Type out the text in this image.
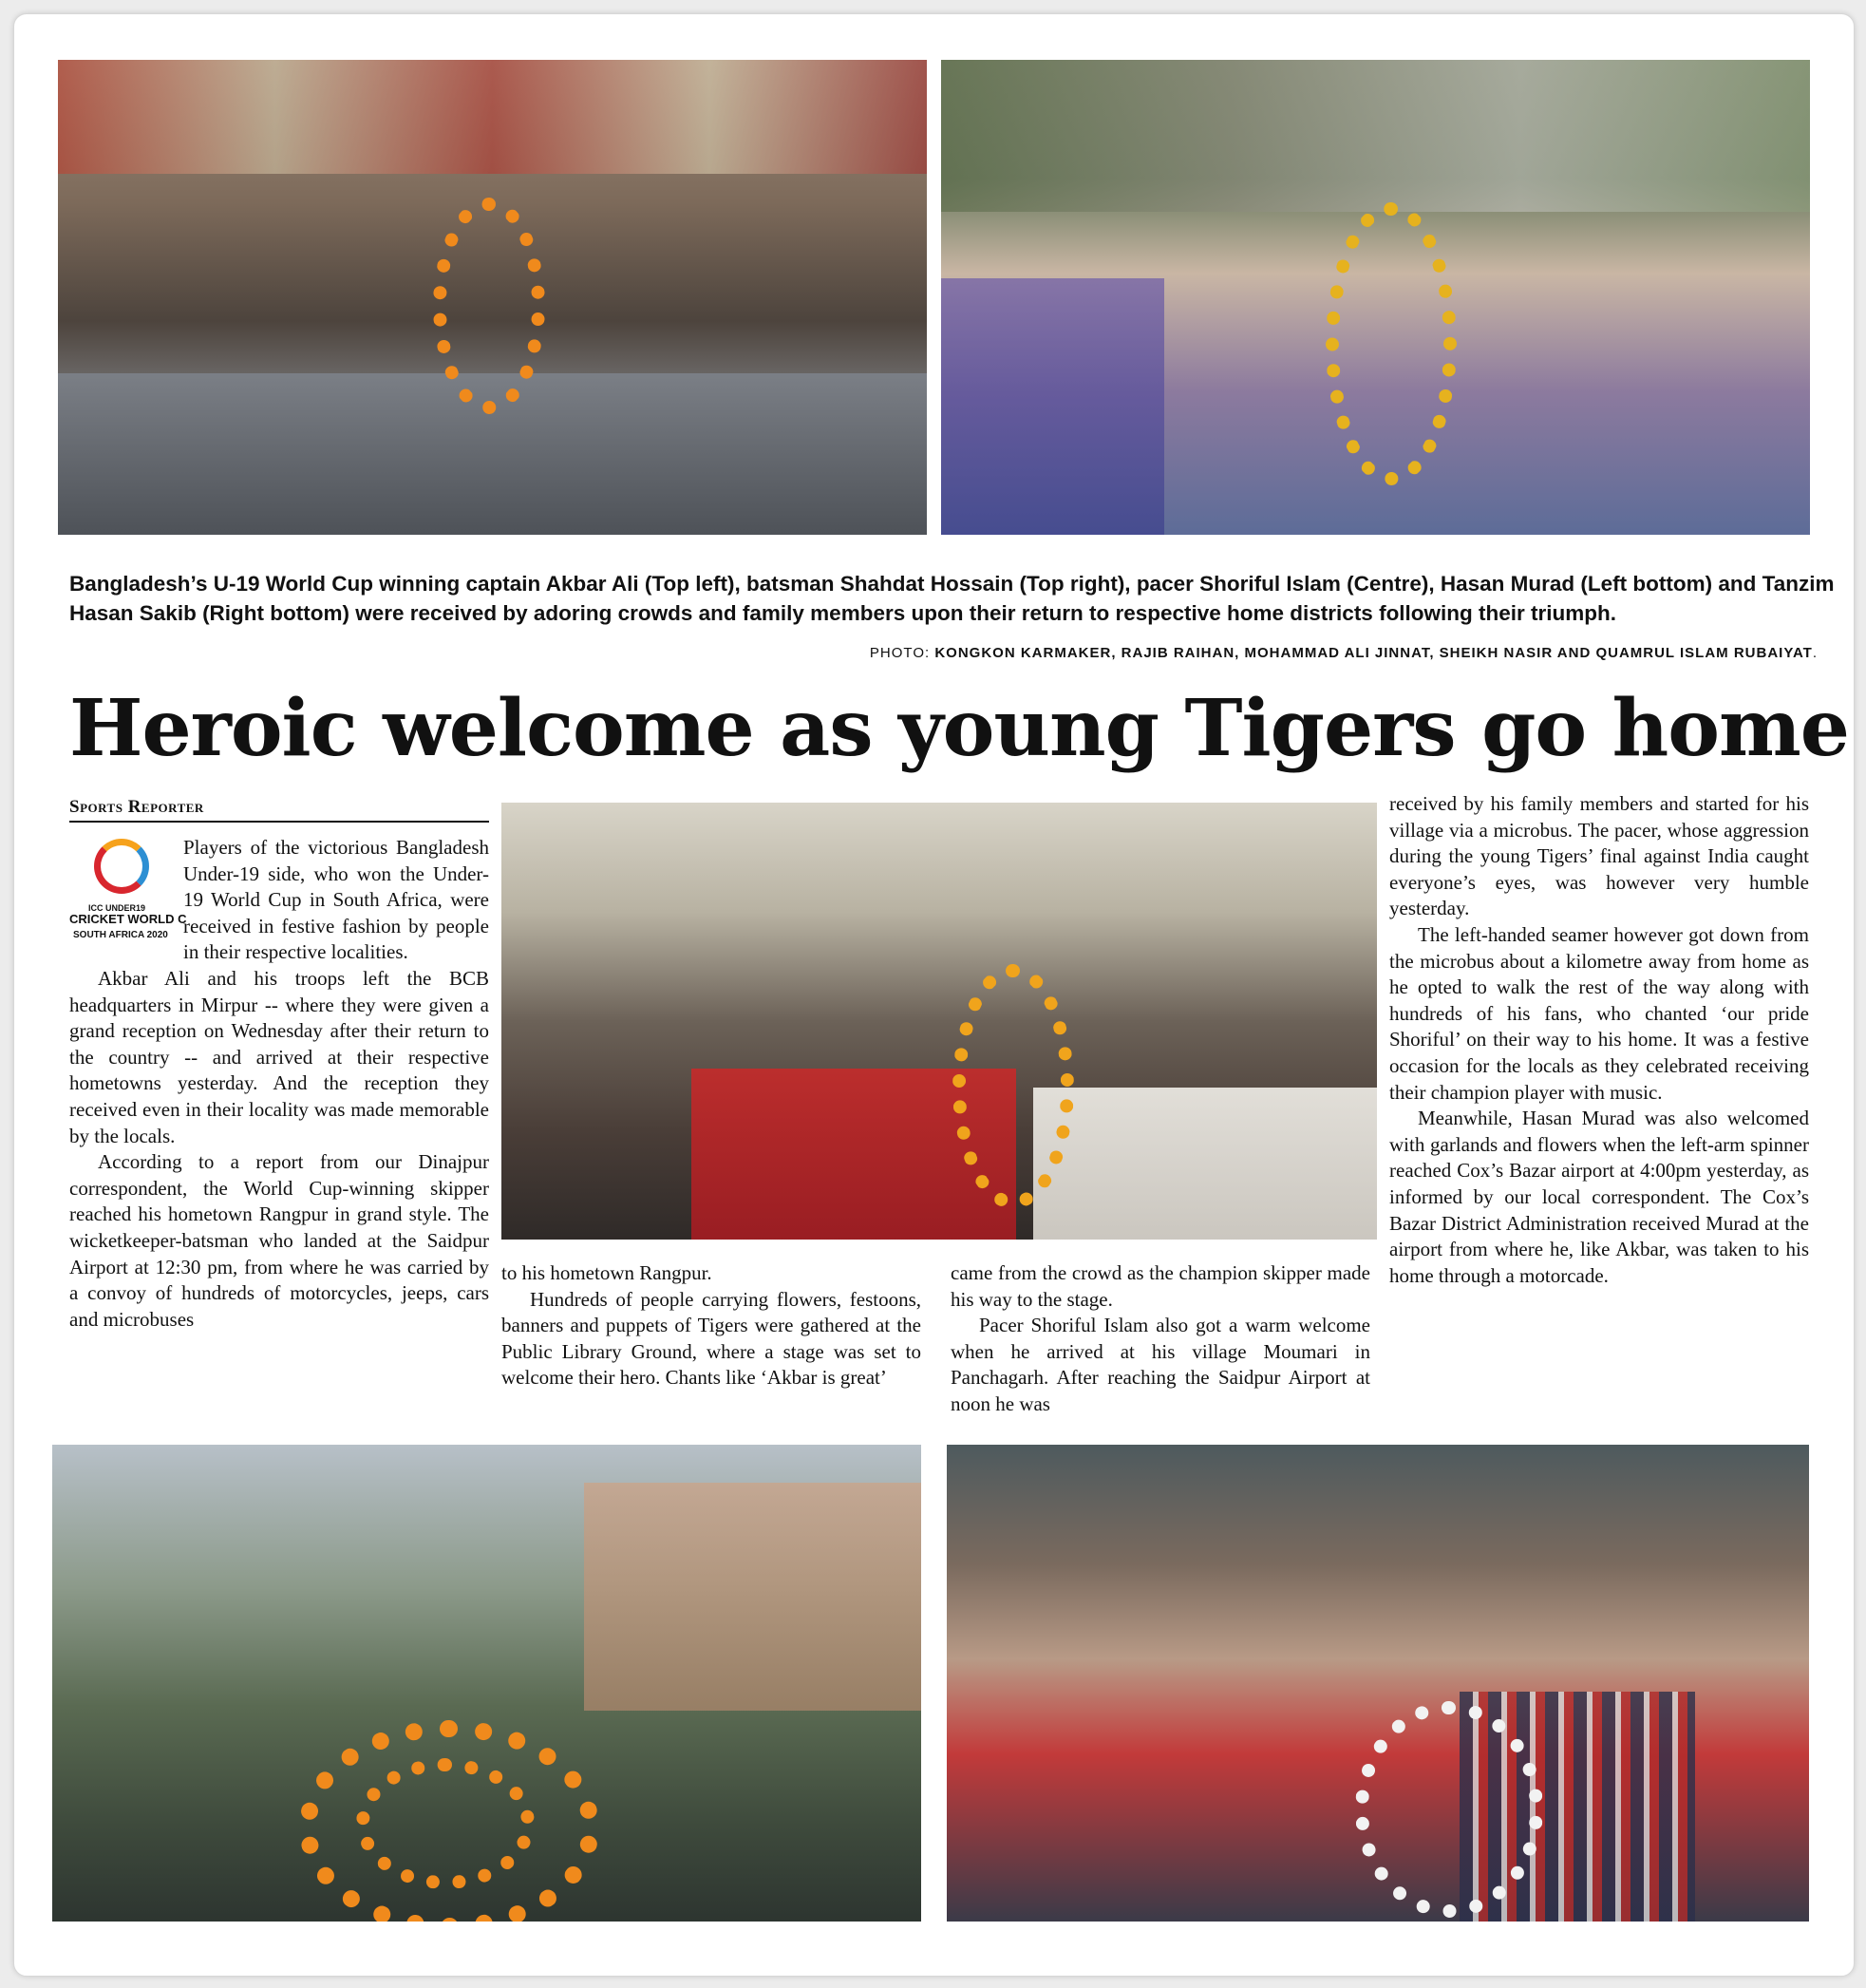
Bangladesh’s U-19 World Cup winning captain Akbar Ali (Top left), batsman Shahdat Hossain (Top right), pacer Shoriful Islam (Centre), Hasan Murad (Left bottom) and Tanzim Hasan Sakib (Right bottom) were received by adoring crowds and family members upon their return to respective home districts following their triumph.
PHOTO: KONGKON KARMAKER, RAJIB RAIHAN, MOHAMMAD ALI JINNAT, SHEIKH NASIR AND QUAMRUL ISLAM RUBAIYAT.
Heroic welcome as young Tigers go home
Sports Reporter
ICC UNDER19
CRICKET WORLD C
SOUTH AFRICA 2020

Players of the victorious Bangladesh Under-19 side, who won the Under-19 World Cup in South Africa, were received in festive fashion by people in their respective localities.

Akbar Ali and his troops left the BCB headquarters in Mirpur -- where they were given a grand reception on Wednesday after their return to the country -- and arrived at their respective hometowns yesterday. And the reception they received even in their locality was made memorable by the locals.

According to a report from our Dinajpur correspondent, the World Cup-winning skipper reached his hometown Rangpur in grand style. The wicketkeeper-batsman who landed at the Saidpur Airport at 12:30 pm, from where he was carried by a convoy of hundreds of motorcycles, jeeps, cars and microbuses

to his hometown Rangpur.

Hundreds of people carrying flowers, festoons, banners and puppets of Tigers were gathered at the Public Library Ground, where a stage was set to welcome their hero. Chants like ‘Akbar is great’

came from the crowd as the champion skipper made his way to the stage.

Pacer Shoriful Islam also got a warm welcome when he arrived at his village Moumari in Panchagarh. After reaching the Saidpur Airport at noon he was

received by his family members and started for his village via a microbus. The pacer, whose aggression during the young Tigers’ final against India caught everyone’s eyes, was however very humble yesterday.

The left-handed seamer however got down from the microbus about a kilometre away from home as he opted to walk the rest of the way along with hundreds of his fans, who chanted ‘our pride Shoriful’ on their way to his home. It was a festive occasion for the locals as they celebrated receiving their champion player with music.

Meanwhile, Hasan Murad was also welcomed with garlands and flowers when the left-arm spinner reached Cox’s Bazar airport at 4:00pm yesterday, as informed by our local correspondent. The Cox’s Bazar District Administration received Murad at the airport from where he, like Akbar, was taken to his home through a motorcade.
